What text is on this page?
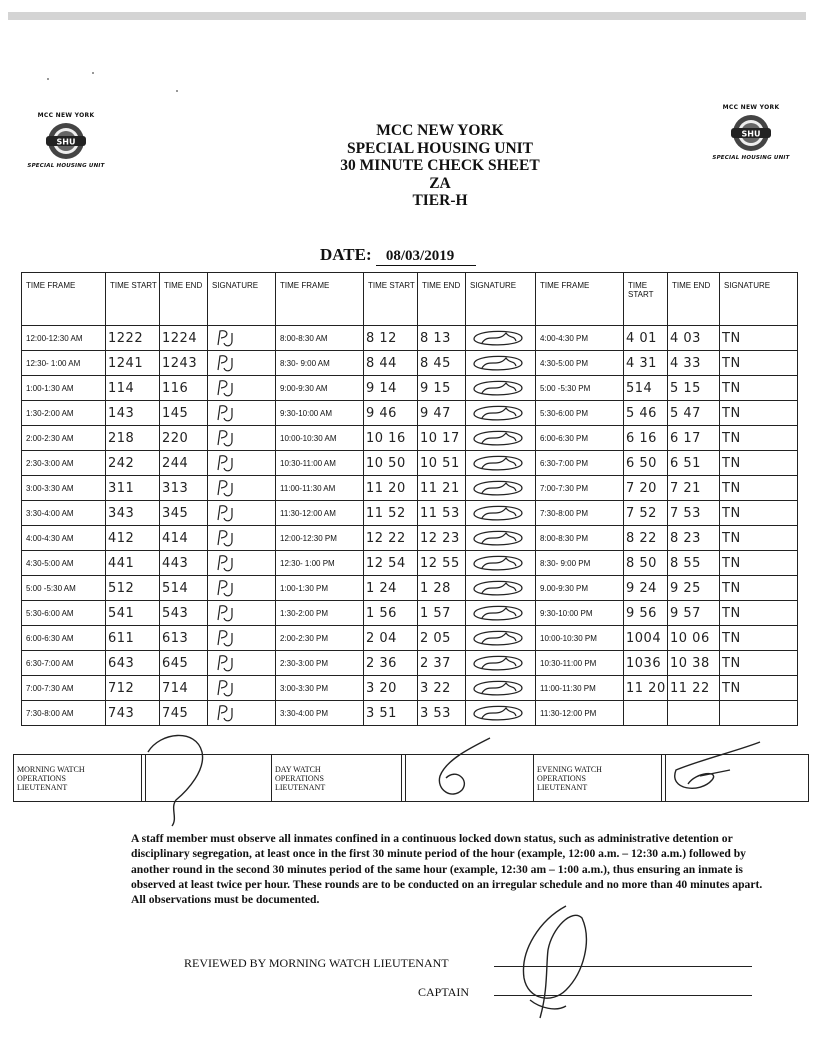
MCC NEW YORK
SHU
SPECIAL HOUSING UNIT
MCC NEW YORK
SHU
SPECIAL HOUSING UNIT
MCC NEW YORK
SPECIAL HOUSING UNIT
30 MINUTE CHECK SHEET
ZA
TIER-H
DATE: 08/03/2019
TIME FRAME	TIME START	TIME END	SIGNATURE	TIME FRAME	TIME START	TIME END	SIGNATURE	TIME FRAME	TIME START	TIME END	SIGNATURE
12:00-12:30 AM	1222	1224		8:00-8:30 AM	8 12	8 13		4:00-4:30 PM	4 01	4 03	TN
12:30- 1:00 AM	1241	1243		8:30- 9:00 AM	8 44	8 45		4:30-5:00 PM	4 31	4 33	TN
1:00-1:30 AM	114	116		9:00-9:30 AM	9 14	9 15		5:00 -5:30 PM	514	5 15	TN
1:30-2:00 AM	143	145		9:30-10:00 AM	9 46	9 47		5:30-6:00 PM	5 46	5 47	TN
2:00-2:30 AM	218	220		10:00-10:30 AM	10 16	10 17		6:00-6:30 PM	6 16	6 17	TN
2:30-3:00 AM	242	244		10:30-11:00 AM	10 50	10 51		6:30-7:00 PM	6 50	6 51	TN
3:00-3:30 AM	311	313		11:00-11:30 AM	11 20	11 21		7:00-7:30 PM	7 20	7 21	TN
3:30-4:00 AM	343	345		11:30-12:00 AM	11 52	11 53		7:30-8:00 PM	7 52	7 53	TN
4:00-4:30 AM	412	414		12:00-12:30 PM	12 22	12 23		8:00-8:30 PM	8 22	8 23	TN
4:30-5:00 AM	441	443		12:30- 1:00 PM	12 54	12 55		8:30- 9:00 PM	8 50	8 55	TN
5:00 -5:30 AM	512	514		1:00-1:30 PM	1 24	1 28		9.00-9:30 PM	9 24	9 25	TN
5:30-6:00 AM	541	543		1:30-2:00 PM	1 56	1 57		9:30-10:00 PM	9 56	9 57	TN
6:00-6:30 AM	611	613		2:00-2:30 PM	2 04	2 05		10:00-10:30 PM	1004	10 06	TN
6:30-7:00 AM	643	645		2:30-3:00 PM	2 36	2 37		10:30-11:00 PM	1036	10 38	TN
7:00-7:30 AM	712	714		3:00-3:30 PM	3 20	3 22		11:00-11:30 PM	11 20	11 22	TN
7:30-8:00 AM	743	745		3:30-4:00 PM	3 51	3 53		11:30-12:00 PM			
MORNING WATCH
OPERATIONS
LIEUTENANT

DAY WATCH
OPERATIONS
LIEUTENANT

EVENING WATCH
OPERATIONS
LIEUTENANT

A staff member must observe all inmates confined in a continuous locked down status, such as administrative detention or disciplinary segregation, at least once in the first 30 minute period of the hour (example, 12:00 a.m. – 12:30 a.m.) followed by another round in the second 30 minutes period of the same hour (example, 12:30 am – 1:00 a.m.), thus ensuring an inmate is observed at least twice per hour. These rounds are to be conducted on an irregular schedule and no more than 40 minutes apart. All observations must be documented.
REVIEWED BY MORNING WATCH LIEUTENANT
CAPTAIN
